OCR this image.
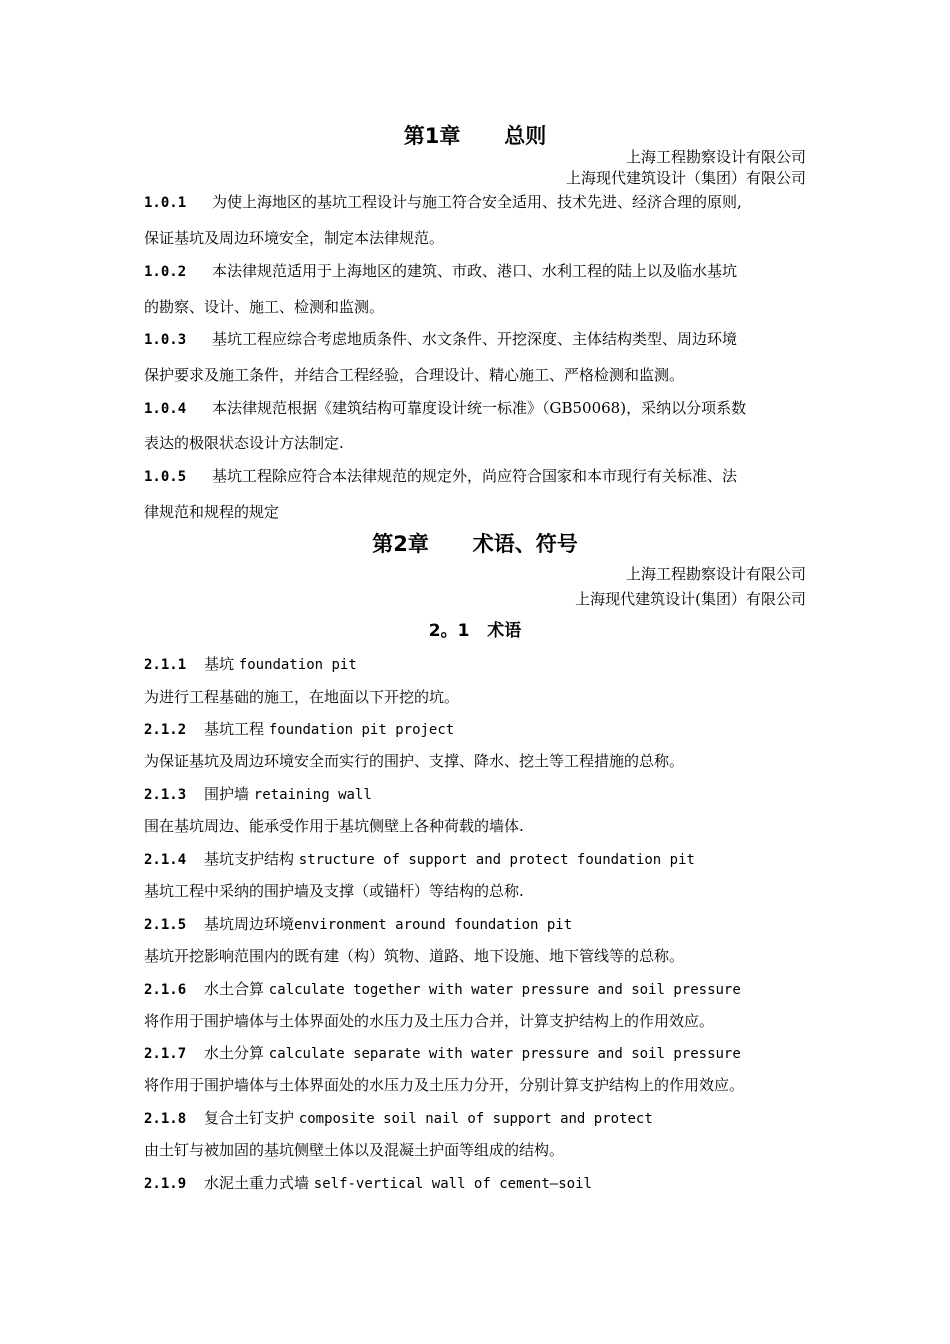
第1章      总则
上海工程勘察设计有限公司
上海现代建筑设计（集团）有限公司
1.0.1 为使上海地区的基坑工程设计与施工符合安全适用、技术先进、经济合理的原则,
保证基坑及周边环境安全，制定本法律规范。
1.0.2 本法律规范适用于上海地区的建筑、市政、港口、水利工程的陆上以及临水基坑
的勘察、设计、施工、检测和监测。
1.0.3 基坑工程应综合考虑地质条件、水文条件、开挖深度、主体结构类型、周边环境
保护要求及施工条件，并结合工程经验，合理设计、精心施工、严格检测和监测。
1.0.4 本法律规范根据《建筑结构可靠度设计统一标准》（GB50068)，采纳以分项系数
表达的极限状态设计方法制定.
1.0.5 基坑工程除应符合本法律规范的规定外，尚应符合国家和本市现行有关标准、法
律规范和规程的规定
第2章      术语、符号
上海工程勘察设计有限公司
上海现代建筑设计(集团）有限公司
2。1   术语
2.1.1 基坑 foundation pit
为进行工程基础的施工，在地面以下开挖的坑。
2.1.2 基坑工程 foundation pit project
为保证基坑及周边环境安全而实行的围护、支撑、降水、挖土等工程措施的总称。
2.1.3 围护墙 retaining wall
围在基坑周边、能承受作用于基坑侧壁上各种荷载的墙体.
2.1.4 基坑支护结构 structure of support and protect foundation pit
基坑工程中采纳的围护墙及支撑（或锚杆）等结构的总称.
2.1.5 基坑周边环境environment around foundation pit
基坑开挖影响范围内的既有建（构）筑物、道路、地下设施、地下管线等的总称。
2.1.6 水土合算 calculate together with water pressure and soil pressure
将作用于围护墙体与土体界面处的水压力及土压力合并，计算支护结构上的作用效应。
2.1.7 水土分算 calculate separate with water pressure and soil pressure
将作用于围护墙体与土体界面处的水压力及土压力分开，分别计算支护结构上的作用效应。
2.1.8 复合土钉支护 composite soil nail of support and protect
由土钉与被加固的基坑侧壁土体以及混凝土护面等组成的结构。
2.1.9 水泥土重力式墙 self-vertical wall of cement—soil
